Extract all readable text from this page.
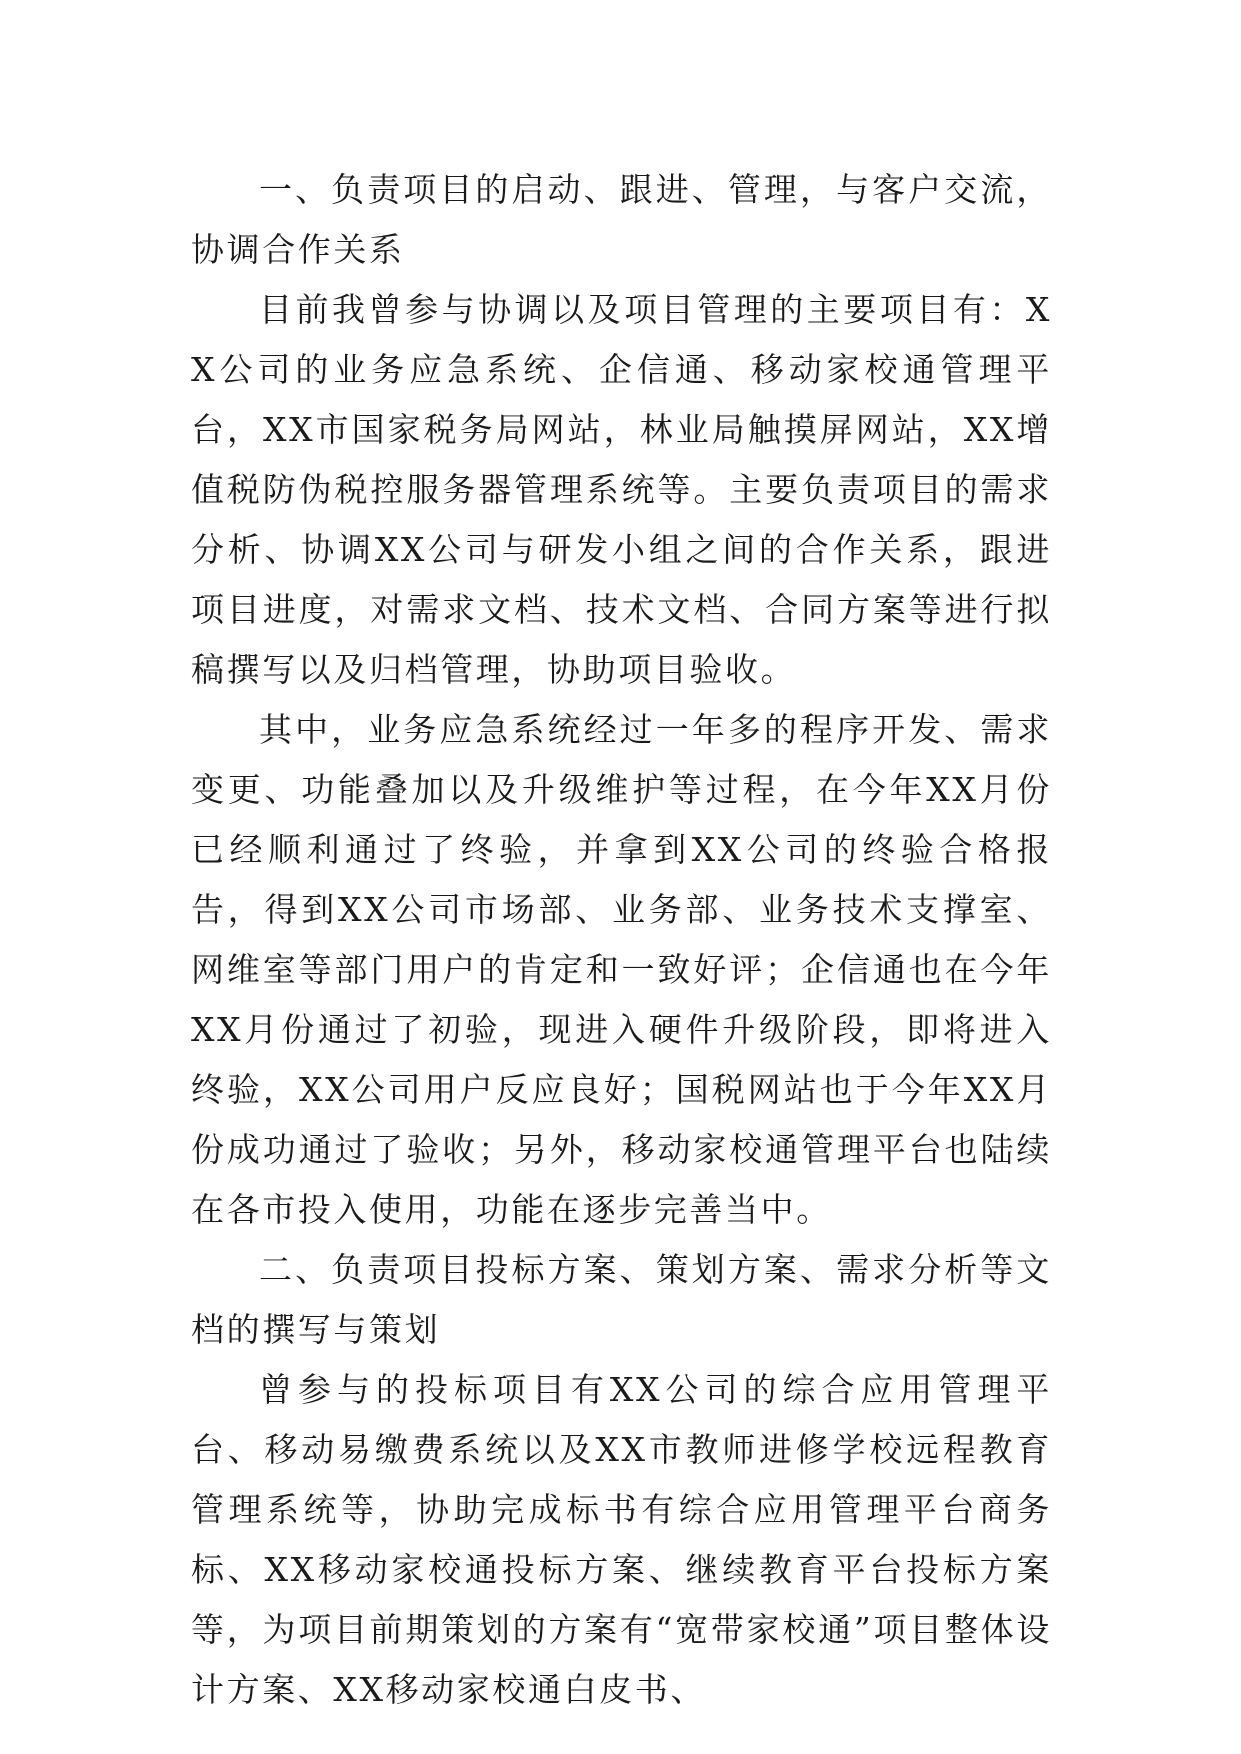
一、负责项目的启动、跟进、管理，与客户交流，协调合作关系

目前我曾参与协调以及项目管理的主要项目有：XX公司的业务应急系统、企信通、移动家校通管理平台，XX市国家税务局网站，林业局触摸屏网站，XX增值税防伪税控服务器管理系统等。主要负责项目的需求分析、协调XX公司与研发小组之间的合作关系，跟进项目进度，对需求文档、技术文档、合同方案等进行拟稿撰写以及归档管理，协助项目验收。

其中，业务应急系统经过一年多的程序开发、需求变更、功能叠加以及升级维护等过程，在今年XX月份已经顺利通过了终验，并拿到XX公司的终验合格报告，得到XX公司市场部、业务部、业务技术支撑室、网维室等部门用户的肯定和一致好评；企信通也在今年XX月份通过了初验，现进入硬件升级阶段，即将进入终验，XX公司用户反应良好；国税网站也于今年XX月份成功通过了验收；另外，移动家校通管理平台也陆续在各市投入使用，功能在逐步完善当中。

二、负责项目投标方案、策划方案、需求分析等文档的撰写与策划

曾参与的投标项目有XX公司的综合应用管理平台、移动易缴费系统以及XX市教师进修学校远程教育管理系统等，协助完成标书有综合应用管理平台商务标、XX移动家校通投标方案、继续教育平台投标方案等，为项目前期策划的方案有“宽带家校通”项目整体设计方案、XX移动家校通白皮书、
